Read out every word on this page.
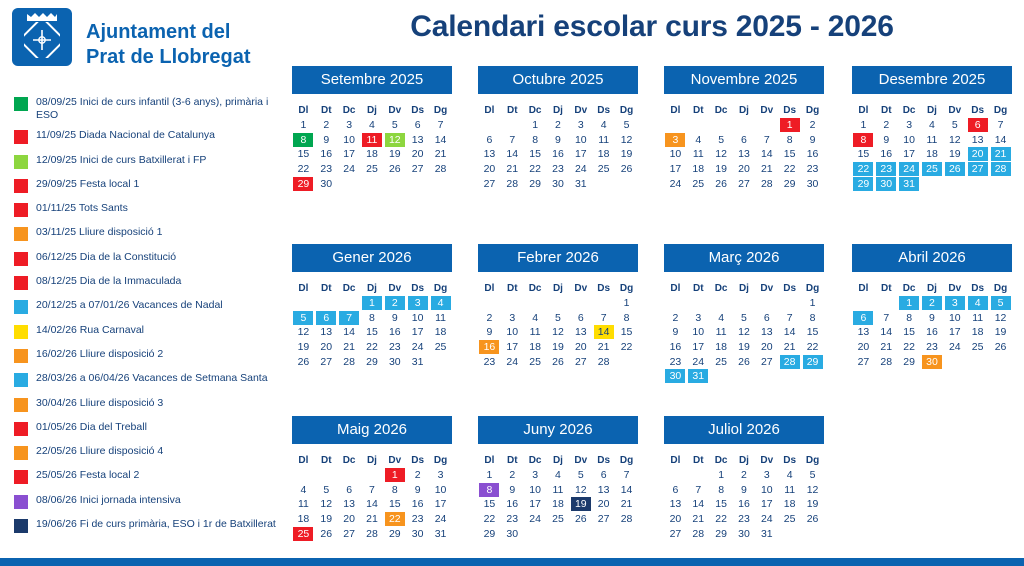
Ajuntament del
Prat de Llobregat
Calendari escolar curs 2025 - 2026
08/09/25 Inici de curs infantil (3-6 anys), primària i ESO
11/09/25 Diada Nacional de Catalunya
12/09/25 Inici de curs Batxillerat i FP
29/09/25 Festa local 1
01/11/25 Tots Sants
03/11/25 Lliure disposició 1
06/12/25 Dia de la Constitució
08/12/25 Dia de la Immaculada
20/12/25 a 07/01/26 Vacances de Nadal
14/02/26 Rua Carnaval
16/02/26 Lliure disposició 2
28/03/26 a 06/04/26 Vacances de Setmana Santa
30/04/26 Lliure disposició 3
01/05/26 Dia del Treball
22/05/26 Lliure disposició 4
25/05/26 Festa local 2
08/06/26 Inici jornada intensiva
19/06/26 Fi de curs primària, ESO i 1r de Batxillerat
Setembre 2025
Dl	Dt	Dc	Dj	Dv	Ds	Dg

1	2	3	4	5	6	7

8	9	10	11	12	13	14

15	16	17	18	19	20	21

22	23	24	25	26	27	28

29	30					

Octubre 2025
Dl	Dt	Dc	Dj	Dv	Ds	Dg

		1	2	3	4	5

6	7	8	9	10	11	12

13	14	15	16	17	18	19

20	21	22	23	24	25	26

27	28	29	30	31		

Novembre 2025
Dl	Dt	Dc	Dj	Dv	Ds	Dg

					1	2

3	4	5	6	7	8	9

10	11	12	13	14	15	16

17	18	19	20	21	22	23

24	25	26	27	28	29	30
Desembre 2025
Dl	Dt	Dc	Dj	Dv	Ds	Dg

1	2	3	4	5	6	7

8	9	10	11	12	13	14

15	16	17	18	19	20	21

22	23	24	25	26	27	28

29	30	31				

Gener 2026
Dl	Dt	Dc	Dj	Dv	Ds	Dg

			1	2	3	4

5	6	7	8	9	10	11

12	13	14	15	16	17	18

19	20	21	22	23	24	25

26	27	28	29	30	31	

Febrer 2026
Dl	Dt	Dc	Dj	Dv	Ds	Dg

						1

2	3	4	5	6	7	8

9	10	11	12	13	14	15

16	17	18	19	20	21	22

23	24	25	26	27	28	

Març 2026
Dl	Dt	Dc	Dj	Dv	Ds	Dg

						1

2	3	4	5	6	7	8

9	10	11	12	13	14	15

16	17	18	19	20	21	22

23	24	25	26	27	28	29

30	31					

Abril 2026
Dl	Dt	Dc	Dj	Dv	Ds	Dg

		1	2	3	4	5

6	7	8	9	10	11	12

13	14	15	16	17	18	19

20	21	22	23	24	25	26

27	28	29	30			

Maig 2026
Dl	Dt	Dc	Dj	Dv	Ds	Dg

				1	2	3

4	5	6	7	8	9	10

11	12	13	14	15	16	17

18	19	20	21	22	23	24

25	26	27	28	29	30	31
Juny 2026
Dl	Dt	Dc	Dj	Dv	Ds	Dg

1	2	3	4	5	6	7

8	9	10	11	12	13	14

15	16	17	18	19	20	21

22	23	24	25	26	27	28

29	30					

Juliol 2026
Dl	Dt	Dc	Dj	Dv	Ds	Dg

		1	2	3	4	5

6	7	8	9	10	11	12

13	14	15	16	17	18	19

20	21	22	23	24	25	26

27	28	29	30	31		
